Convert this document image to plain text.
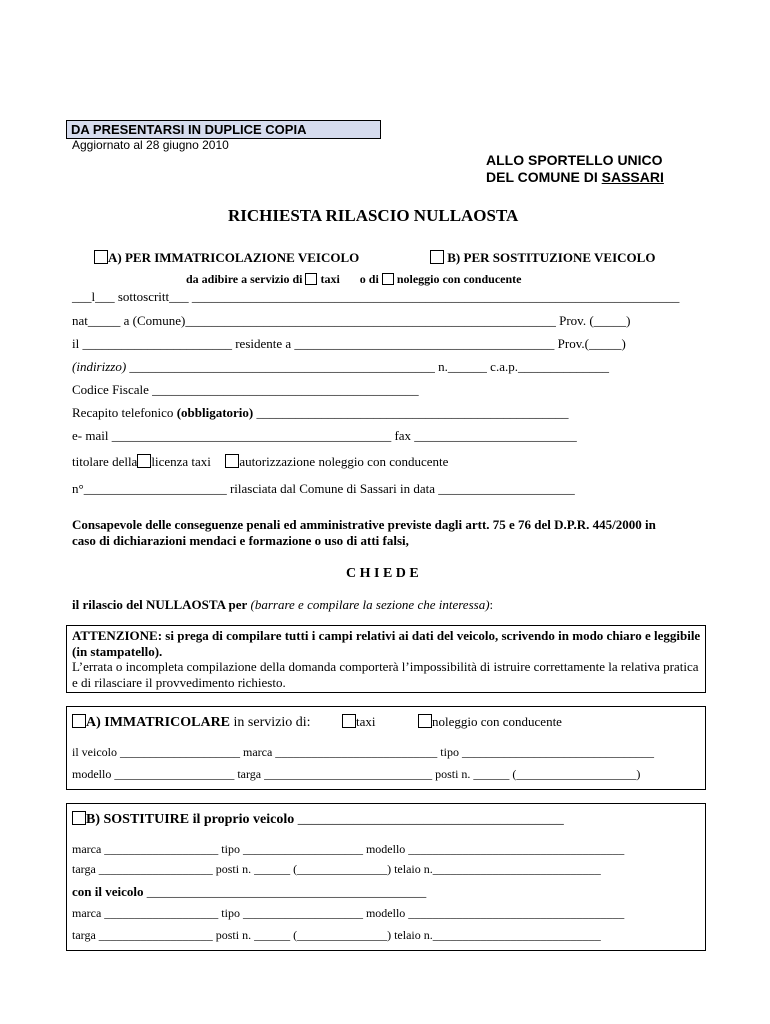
DA PRESENTARSI IN DUPLICE COPIA
Aggiornato al 28 giugno 2010
ALLO SPORTELLO UNICO
DEL COMUNE DI SASSARI
RICHIESTA RILASCIO NULLAOSTA
A) PER IMMATRICOLAZIONE VEICOLO	B) PER SOSTITUZIONE VEICOLO
da adibire a servizio di taxi o di noleggio con conducente
___l___ sottoscritt___ ___________________________________________________________________________
nat_____ a (Comune)_________________________________________________________ Prov. (_____)
il _______________________ residente a ________________________________________ Prov.(_____)
(indirizzo) _______________________________________________ n.______ c.a.p.______________
Codice Fiscale _________________________________________
Recapito telefonico (obbligatorio) ________________________________________________
e- mail ___________________________________________ fax _________________________
titolare della licenza taxi autorizzazione noleggio con conducente
n°______________________ rilasciata dal Comune di Sassari in data _____________________
Consapevole delle conseguenze penali ed amministrative previste dagli artt. 75 e 76 del D.P.R. 445/2000 in caso di dichiarazioni mendaci e formazione o uso di atti falsi,
C H I E D E
il rilascio del NULLAOSTA per (barrare e compilare la sezione che interessa):
ATTENZIONE: si prega di compilare tutti i campi relativi ai dati del veicolo, scrivendo in modo chiaro e leggibile (in stampatello).
L’errata o incompleta compilazione della domanda comporterà l’impossibilità di istruire correttamente la relativa pratica e di rilasciare il provvedimento richiesto.
A) IMMATRICOLARE in servizio di:	taxi	noleggio con conducente
il veicolo ____________________ marca ___________________________ tipo ________________________________
modello ____________________ targa ____________________________ posti n. ______ (____________________)
B) SOSTITUIRE il proprio veicolo ______________________________________
marca ___________________ tipo ____________________ modello ____________________________________
targa ___________________ posti n. ______ (_______________) telaio n.____________________________
con il veicolo ___________________________________________
marca ___________________ tipo ____________________ modello ____________________________________
targa ___________________ posti n. ______ (_______________) telaio n.____________________________
